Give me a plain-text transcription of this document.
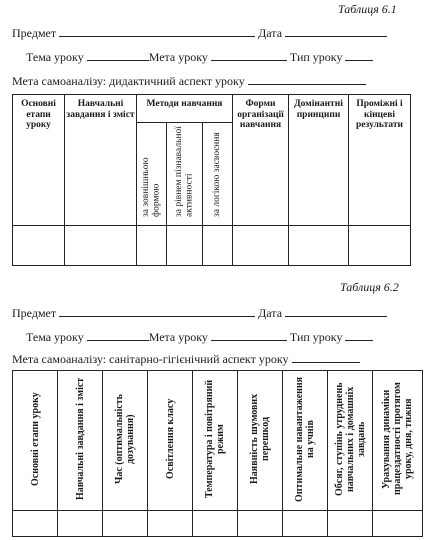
Таблиця 6.1
Предмет	Дата
Тема уроку	Мета уроку	Тип уроку
Мета самоаналізу: дидактичний аспект уроку
Основні етапи уроку	Навчальні завдання і зміст	Методи навчання			Форми організації навчання	Домінантні принципи	Проміжні і кінцеві результати
		за зовнішньою формою	за рівнем пізнавальної активності	за логікою засвоєння			

Таблиця 6.2
Предмет	Дата
Тема уроку	Мета уроку	Тип уроку
Мета самоаналізу: санітарно-гігієнічний аспект уроку
Основні етапи уроку	Навчальні завдання і зміст	Час (оптимальність дозування)	Освітлення класу	Температура і повітряний режим	Наявність шумових перешкод	Оптимальне навантаження на учнів	Обсяг, ступінь утруднень навчальних і домашніх завдань	Урахування динаміки працездатності протягом уроку, дня, тижня
